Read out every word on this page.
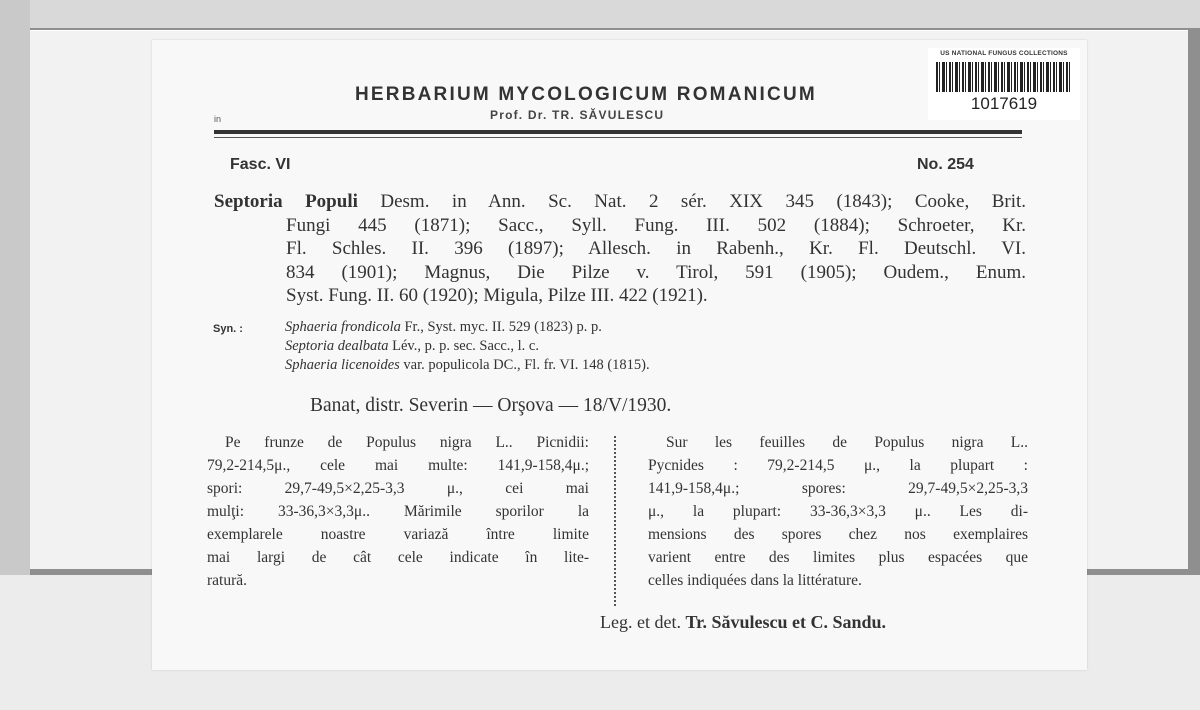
US NATIONAL FUNGUS COLLECTIONS
1017619
HERBARIUM MYCOLOGICUM ROMANICUM
Prof. Dr. TR. SĂVULESCU
in
Fasc. VI	No. 254
Septoria Populi Desm. in Ann. Sc. Nat. 2 sér. XIX 345 (1843); Cooke, Brit.
Fungi 445 (1871); Sacc., Syll. Fung. III. 502 (1884); Schroeter, Kr.
Fl. Schles. II. 396 (1897); Allesch. in Rabenh., Kr. Fl. Deutschl. VI.
834 (1901); Magnus, Die Pilze v. Tirol, 591 (1905); Oudem., Enum.
Syst. Fung. II. 60 (1920); Migula, Pilze III. 422 (1921).
Syn. :	Sphaeria frondicola Fr., Syst. myc. II. 529 (1823) p. p.
Septoria dealbata Lév., p. p. sec. Sacc., l. c.
Sphaeria licenoides var. populicola DC., Fl. fr. VI. 148 (1815).
Banat, distr. Severin — Orşova — 18/V/1930.
Pe frunze de Populus nigra L.. Picnidii:
79,2-214,5μ., cele mai multe: 141,9-158,4μ.;
spori: 29,7-49,5×2,25-3,3 μ., cei mai
mulţi: 33-36,3×3,3μ.. Mărimile sporilor la
exemplarele noastre variază între limite
mai largi de cât cele indicate în lite-
ratură.
Sur les feuilles de Populus nigra L..
Pycnides : 79,2-214,5 μ., la plupart :
141,9-158,4μ.; spores: 29,7-49,5×2,25-3,3
μ., la plupart: 33-36,3×3,3 μ.. Les di-
mensions des spores chez nos exemplaires
varient entre des limites plus espacées que
celles indiquées dans la littérature.
Leg. et det. Tr. Săvulescu et C. Sandu.
